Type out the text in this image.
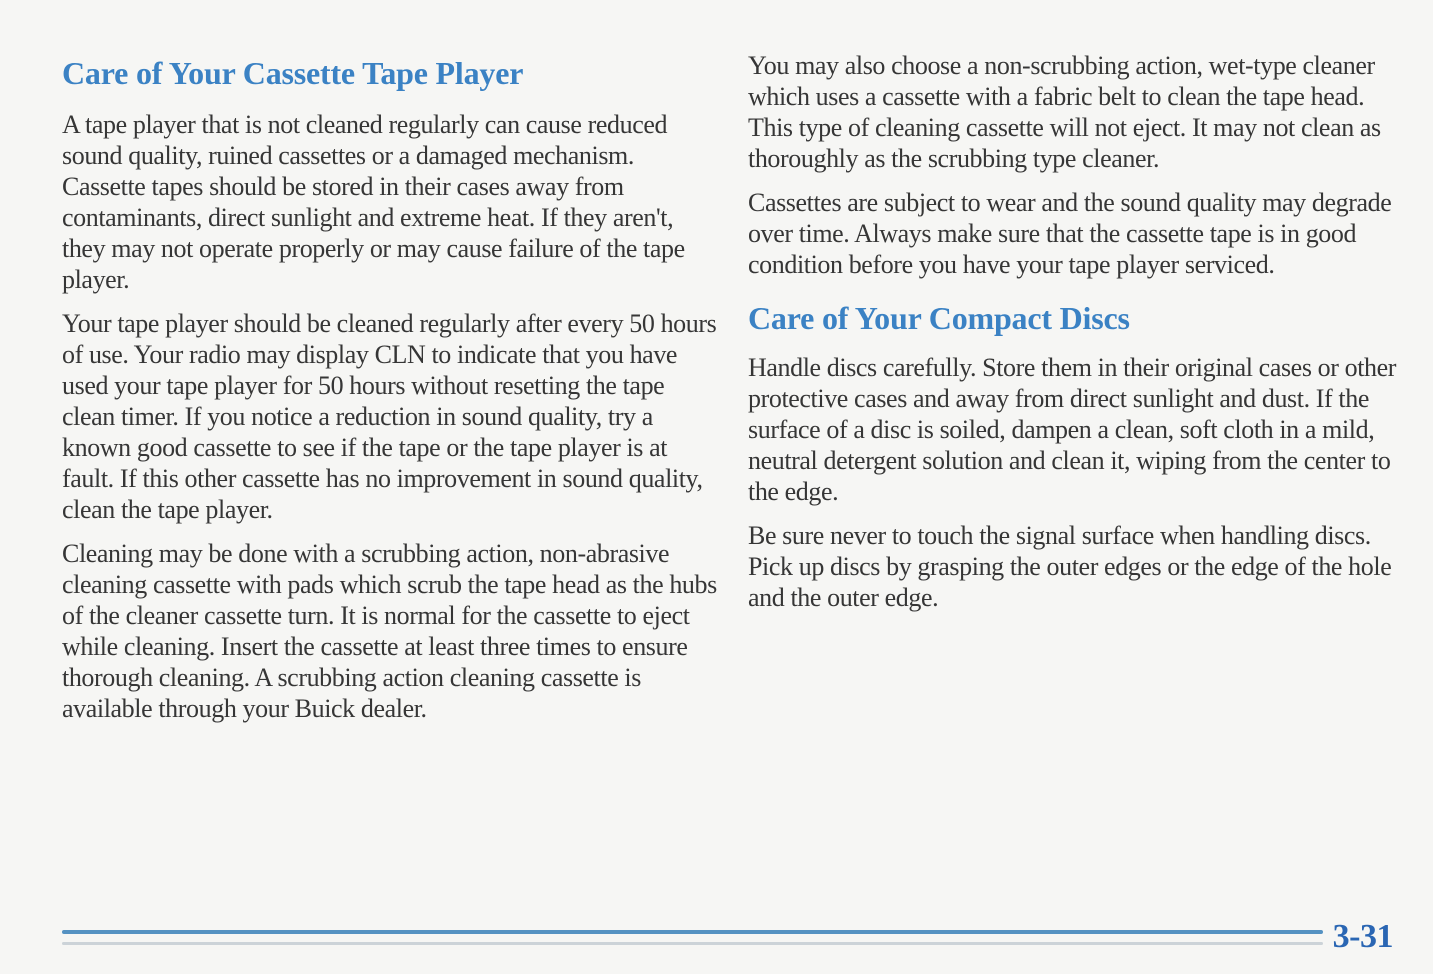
Care of Your Cassette Tape Player

A tape player that is not cleaned regularly can cause reduced sound quality, ruined cassettes or a damaged mechanism. Cassette tapes should be stored in their cases away from contaminants, direct sunlight and extreme heat. If they aren't, they may not operate properly or may cause failure of the tape player.

Your tape player should be cleaned regularly after every 50 hours of use. Your radio may display CLN to indicate that you have used your tape player for 50 hours without resetting the tape clean timer. If you notice a reduction in sound quality, try a known good cassette to see if the tape or the tape player is at fault. If this other cassette has no improvement in sound quality, clean the tape player.

Cleaning may be done with a scrubbing action, non-abrasive cleaning cassette with pads which scrub the tape head as the hubs of the cleaner cassette turn. It is normal for the cassette to eject while cleaning. Insert the cassette at least three times to ensure thorough cleaning. A scrubbing action cleaning cassette is available through your Buick dealer.

You may also choose a non-scrubbing action, wet-type cleaner which uses a cassette with a fabric belt to clean the tape head. This type of cleaning cassette will not eject. It may not clean as thoroughly as the scrubbing type cleaner.

Cassettes are subject to wear and the sound quality may degrade over time. Always make sure that the cassette tape is in good condition before you have your tape player serviced.

Care of Your Compact Discs

Handle discs carefully. Store them in their original cases or other protective cases and away from direct sunlight and dust. If the surface of a disc is soiled, dampen a clean, soft cloth in a mild, neutral detergent solution and clean it, wiping from the center to the edge.

Be sure never to touch the signal surface when handling discs. Pick up discs by grasping the outer edges or the edge of the hole and the outer edge.

3-31
